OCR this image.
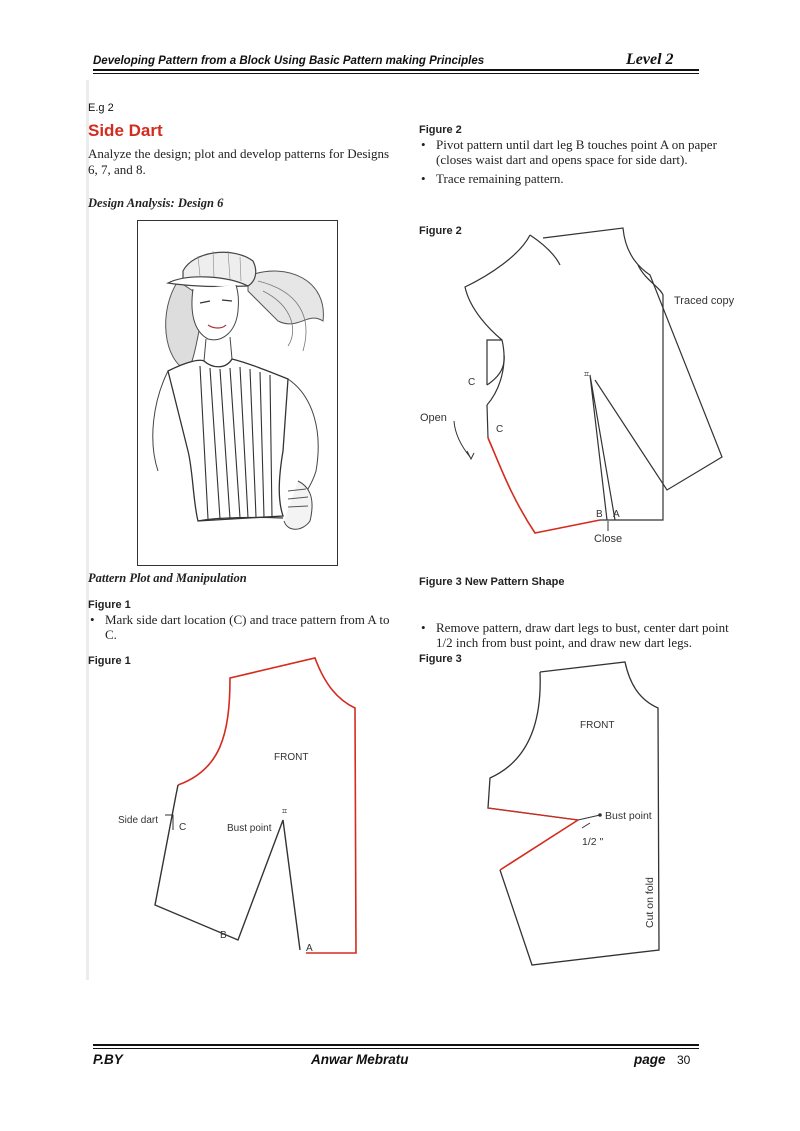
Developing Pattern from a Block Using Basic Pattern making Principles	Level 2
E.g 2
Side Dart
Analyze the design; plot and develop patterns for Designs 6, 7, and 8.
Design Analysis: Design 6
Pattern Plot and Manipulation
Figure 1
• Mark side dart location (C) and trace pattern from A to C.
Figure 1
FRONT
Side dart
C	Bust point
⌗
B
A
Figure 2
• Pivot pattern until dart leg B touches point A on paper (closes waist dart and opens space for side dart).
• Trace remaining pattern.
Figure 2
⌗
Traced copy
C
Open
C
B A
Close
Figure 3 New Pattern Shape
• Remove pattern, draw dart legs to bust, center dart point 1/2 inch from bust point, and draw new dart legs.
Figure 3
FRONT
Bust point
1/2 "
Cut on fold
P.BY	Anwar Mebratu	page 30
